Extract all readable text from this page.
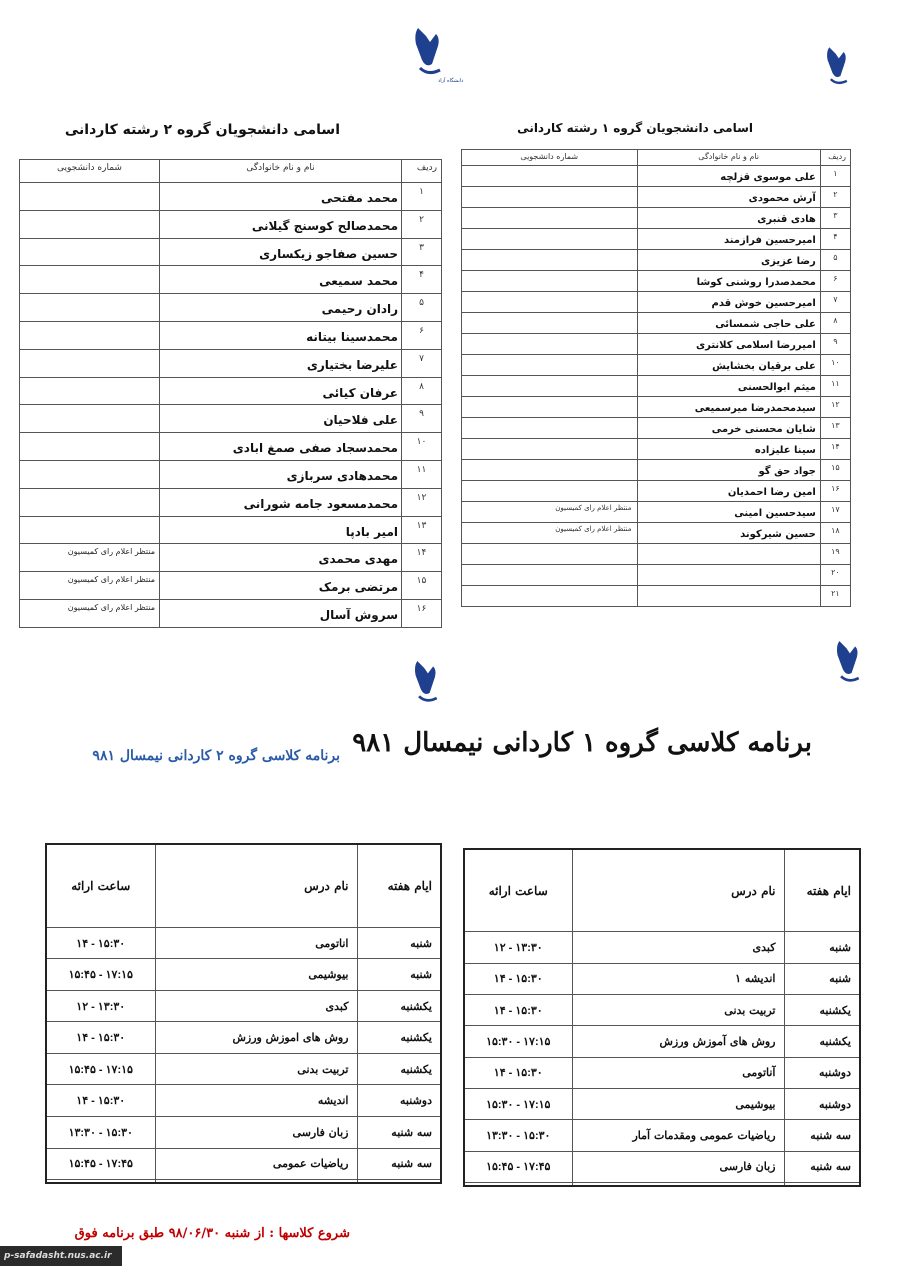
دانشگاه آزاد
اسامی دانشجویان گروه ۱ رشته کاردانی
ردیف	نام و نام خانوادگی	شماره دانشجویی
۱	علی موسوی قزلچه	
۲	آرش محمودی	
۳	هادی قنبری	
۴	امیرحسین فرازمند	
۵	رضا عزیزی	
۶	محمدصدرا روشنی کوشا	
۷	امیرحسین خوش قدم	
۸	علی حاجی شمسائی	
۹	امیررضا اسلامی کلانتری	
۱۰	علی برقیان بخشایش	
۱۱	میثم ابوالحسنی	
۱۲	سیدمحمدرضا میرسمیعی	
۱۳	شایان محسنی خرمی	
۱۴	سینا علیزاده	
۱۵	جواد حق گو	
۱۶	امین رضا احمدیان	
۱۷	سیدحسین امینی	منتظر اعلام رای کمیسیون
۱۸	حسین شیرکوند	منتظر اعلام رای کمیسیون
۱۹		
۲۰		
۲۱		
اسامی دانشجویان گروه ۲ رشته کاردانی
ردیف	نام و نام خانوادگی	شماره دانشجویی
۱	محمد مفتحی	
۲	محمدصالح کوسنج گیلانی	
۳	حسین صفاجو زیکساری	
۴	محمد سمیعی	
۵	رادان رحیمی	
۶	محمدسینا بیتانه	
۷	علیرضا بختیاری	
۸	عرفان کیائی	
۹	علی فلاحیان	
۱۰	محمدسجاد صفی صمغ ابادی	
۱۱	محمدهادی سربازی	
۱۲	محمدمسعود جامه شورانی	
۱۳	امیر بادپا	
۱۴	مهدی محمدی	منتظر اعلام رای کمیسیون
۱۵	مرتضی برمک	منتظر اعلام رای کمیسیون
۱۶	سروش آسال	منتظر اعلام رای کمیسیون
برنامه کلاسی گروه ۱ کاردانی نیمسال ۹۸۱
برنامه کلاسی گروه ۲ کاردانی نیمسال ۹۸۱
ایام هفته	نام درس	ساعت ارائه
شنبه	کبدی	۱۲ - ۱۳:۳۰
شنبه	اندیشه ۱	۱۴ - ۱۵:۳۰
یکشنبه	تربیت بدنی	۱۴ - ۱۵:۳۰
یکشنبه	روش های آموزش ورزش	۱۵:۳۰ - ۱۷:۱۵
دوشنبه	آناتومی	۱۴ - ۱۵:۳۰
دوشنبه	بیوشیمی	۱۵:۳۰ - ۱۷:۱۵
سه شنبه	ریاضیات عمومی ومقدمات آمار	۱۳:۳۰ - ۱۵:۳۰
سه شنبه	زبان فارسی	۱۵:۴۵ - ۱۷:۴۵

ایام هفته	نام درس	ساعت ارائه
شنبه	اناتومی	۱۴ - ۱۵:۳۰
شنبه	بیوشیمی	۱۵:۴۵ - ۱۷:۱۵
یکشنبه	کبدی	۱۲ - ۱۳:۳۰
یکشنبه	روش های اموزش ورزش	۱۴ - ۱۵:۳۰
یکشنبه	تربیت بدنی	۱۵:۴۵ - ۱۷:۱۵
دوشنبه	اندیشه	۱۴ - ۱۵:۳۰
سه شنبه	زبان فارسی	۱۳:۳۰ - ۱۵:۳۰
سه شنبه	ریاضیات عمومی	۱۵:۴۵ - ۱۷:۴۵

شروع کلاسها : از شنبه ۹۸/۰۶/۳۰ طبق برنامه فوق
p-safadasht.nus.ac.ir
